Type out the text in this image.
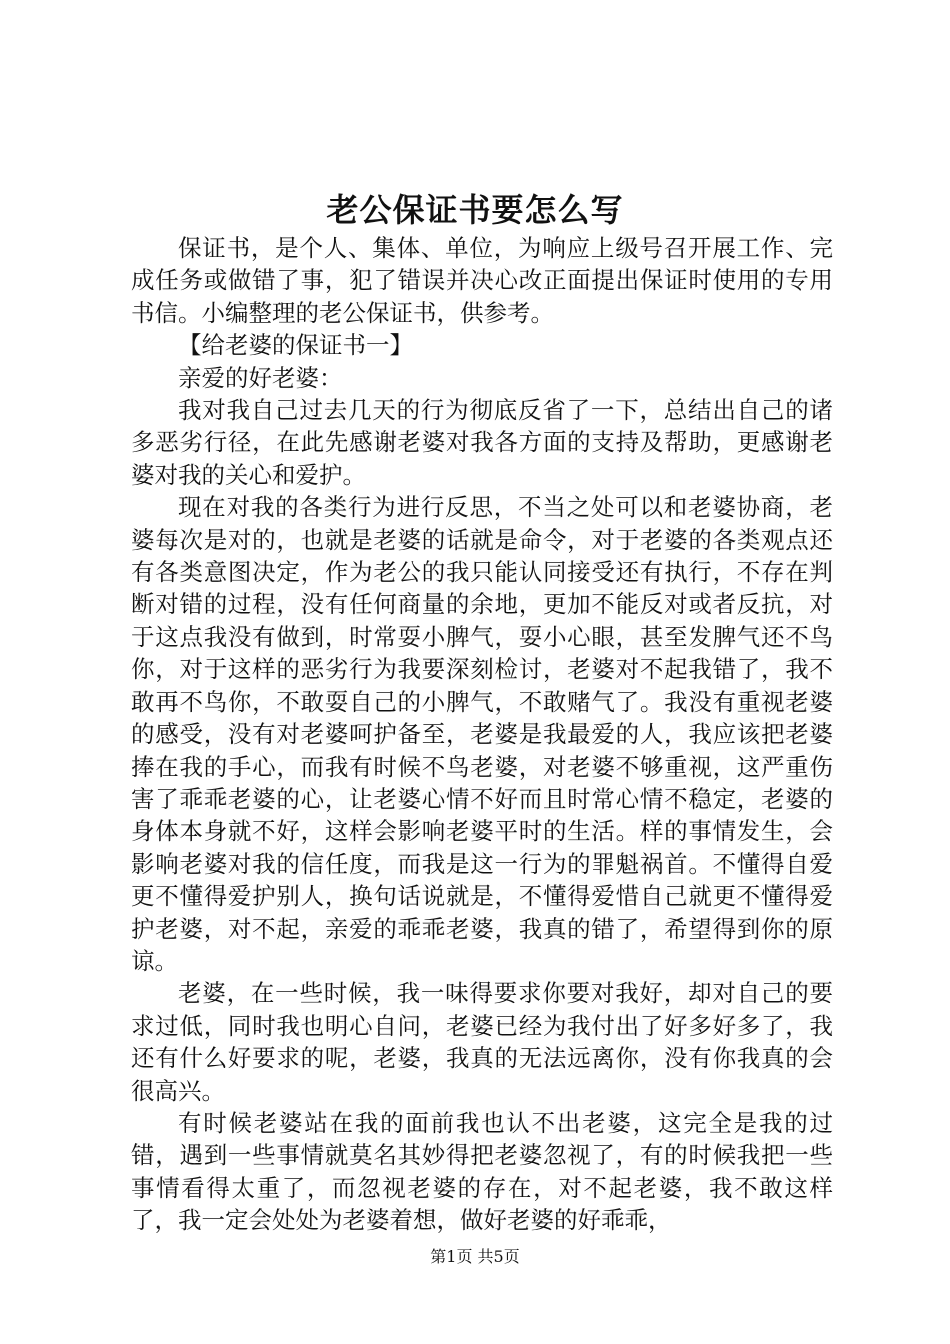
老公保证书要怎么写

保证书，是个人、集体、单位，为响应上级号召开展工作、完成任务或做错了事，犯了错误并决心改正面提出保证时使用的专用书信。小编整理的老公保证书，供参考。

【给老婆的保证书一】

亲爱的好老婆：

我对我自己过去几天的行为彻底反省了一下，总结出自己的诸多恶劣行径，在此先感谢老婆对我各方面的支持及帮助，更感谢老婆对我的关心和爱护。

现在对我的各类行为进行反思，不当之处可以和老婆协商，老婆每次是对的，也就是老婆的话就是命令，对于老婆的各类观点还有各类意图决定，作为老公的我只能认同接受还有执行，不存在判断对错的过程，没有任何商量的余地，更加不能反对或者反抗，对于这点我没有做到，时常耍小脾气，耍小心眼，甚至发脾气还不鸟你，对于这样的恶劣行为我要深刻检讨，老婆对不起我错了，我不敢再不鸟你，不敢耍自己的小脾气，不敢赌气了。我没有重视老婆的感受，没有对老婆呵护备至，老婆是我最爱的人，我应该把老婆捧在我的手心，而我有时候不鸟老婆，对老婆不够重视，这严重伤害了乖乖老婆的心，让老婆心情不好而且时常心情不稳定，老婆的身体本身就不好，这样会影响老婆平时的生活。样的事情发生，会影响老婆对我的信任度，而我是这一行为的罪魁祸首。不懂得自爱更不懂得爱护别人，换句话说就是，不懂得爱惜自己就更不懂得爱护老婆，对不起，亲爱的乖乖老婆，我真的错了，希望得到你的原谅。

老婆，在一些时候，我一味得要求你要对我好，却对自己的要求过低，同时我也明心自问，老婆已经为我付出了好多好多了，我还有什么好要求的呢，老婆，我真的无法远离你，没有你我真的会很高兴。

有时候老婆站在我的面前我也认不出老婆，这完全是我的过错，遇到一些事情就莫名其妙得把老婆忽视了，有的时候我把一些事情看得太重了，而忽视老婆的存在，对不起老婆，我不敢这样了，我一定会处处为老婆着想，做好老婆的好乖乖，

第1页 共5页
